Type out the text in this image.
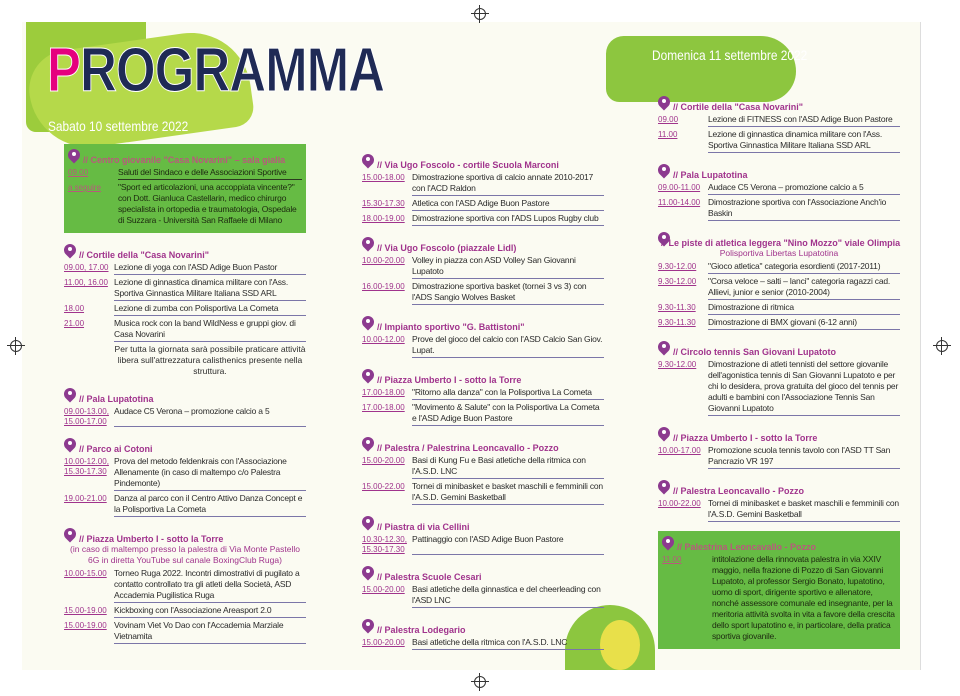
PROGRAMMA
Sabato 10 settembre 2022
Domenica 11 settembre 2022
// Centro giovanile "Casa Novarini" – sala gialla
09.00	Saluti del Sindaco e delle Associazioni Sportive
a seguire	"Sport ed articolazioni, una accoppiata vincente?" con Dott. Gianluca Castellarin, medico chirurgo specialista in ortopedia e traumatologia, Ospedale di Suzzara - Università San Raffaele di Milano
// Cortile della "Casa Novarini"
09.00, 17.00 Lezione di yoga con l'ASD Adige Buon Pastor
11.00, 16.00 Lezione di ginnastica dinamica militare con l'Ass. Sportiva Ginnastica Militare Italiana SSD ARL
18.00	Lezione di zumba con Polisportiva La Cometa
21.00	Musica rock con la band WildNess e gruppi giov. di Casa Novarini
Per tutta la giornata sarà possibile praticare attività libera sull'attrezzatura calisthenics presente nella struttura.
// Pala Lupatotina
09.00-13.00, 15.00-17.00
Audace C5 Verona – promozione calcio a 5
// Parco ai Cotoni
10.00-12.00, 15.30-17.30
Prova del metodo feldenkrais con l'Associazione Allenamente (in caso di maltempo c/o Palestra Pindemonte)
19.00-21.00 Danza al parco con il Centro Attivo Danza Concept e la Polisportiva La Cometa
// Piazza Umberto I - sotto la Torre
(in caso di maltempo presso la palestra di Via Monte Pastello 6G in diretta YouTube sul canale BoxingClub Ruga)
10.00-15.00 Torneo Ruga 2022. Incontri dimostrativi di pugilato a contatto controllato tra gli atleti della Società, ASD Accademia Pugilistica Ruga
15.00-19.00 Kickboxing con l'Associazione Areasport 2.0
15.00-19.00 Vovinam Viet Vo Dao con l'Accademia Marziale Vietnamita
// Via Ugo Foscolo - cortile Scuola Marconi
15.00-18.00 Dimostrazione sportiva di calcio annate 2010-2017 con l'ACD Raldon
15.30-17.30 Atletica con l'ASD Adige Buon Pastore
18.00-19.00 Dimostrazione sportiva con l'ADS Lupos Rugby club
// Via Ugo Foscolo (piazzale Lidl)
10.00-20.00 Volley in piazza con ASD Volley San Giovanni Lupatoto
16.00-19.00 Dimostrazione sportiva basket (tornei 3 vs 3) con l'ADS Sangio Wolves Basket
// Impianto sportivo "G. Battistoni"
10.00-12.00 Prove del gioco del calcio con l'ASD Calcio San Giov. Lupat.
// Piazza Umberto I - sotto la Torre
17.00-18.00 "Ritorno alla danza" con la Polisportiva La Cometa
17.00-18.00 "Movimento & Salute" con la Polisportiva La Cometa e l'ASD Adige Buon Pastore
// Palestra / Palestrina Leoncavallo - Pozzo
15.00-20.00 Basi di Kung Fu e Basi atletiche della ritmica con l'A.S.D. LNC
15.00-22.00 Tornei di minibasket e basket maschili e femminili con l'A.S.D. Gemini Basketball
// Piastra di via Cellini
10.30-12.30, 15.30-17.30
Pattinaggio con l'ASD Adige Buon Pastore
// Palestra Scuole Cesari
15.00-20.00 Basi atletiche della ginnastica e del cheerleading con l'ASD LNC
// Palestra Lodegario
15.00-20.00 Basi atletiche della ritmica con l'A.S.D. LNC
// Cortile della "Casa Novarini"
09.00	Lezione di FITNESS con l'ASD Adige Buon Pastore
11.00	Lezione di ginnastica dinamica militare con l'Ass. Sportiva Ginnastica Militare Italiana SSD ARL
// Pala Lupatotina
09.00-11.00 Audace C5 Verona – promozione calcio a 5
11.00-14.00 Dimostrazione sportiva con l'Associazione Anch'io Baskin
// Le piste di atletica leggera "Nino Mozzo" viale Olimpia
Polisportiva Libertas Lupatotina
9.30-12.00	"Gioco atletica" categoria esordienti (2017-2011)
9.30-12.00	"Corsa veloce – salti – lanci" categoria ragazzi cad. Allievi, junior e senior (2010-2004)
9.30-11.30	Dimostrazione di ritmica
9.30-11.30	Dimostrazione di BMX giovani (6-12 anni)
// Circolo tennis San Giovani Lupatoto
9.30-12.00	Dimostrazione di atleti tennisti del settore giovanile dell'agonistica tennis di San Giovanni Lupatoto e per chi lo desidera, prova gratuita del gioco del tennis per adulti e bambini con l'Associazione Tennis San Giovanni Lupatoto
// Piazza Umberto I - sotto la Torre
10.00-17.00 Promozione scuola tennis tavolo con l'ASD TT San Pancrazio VR 197
// Palestra Leoncavallo - Pozzo
10.00-22.00 Tornei di minibasket e basket maschili e femminili con l'A.S.D. Gemini Basketball
// Palestrina Leoncavallo - Pozzo
11.00	intitolazione della rinnovata palestra in via XXIV maggio, nella frazione di Pozzo di San Giovanni Lupatoto, al professor Sergio Bonato, lupatotino, uomo di sport, dirigente sportivo e allenatore, nonché assessore comunale ed insegnante, per la meritoria attività svolta in vita a favore della crescita dello sport lupatotino e, in particolare, della pratica sportiva giovanile.
